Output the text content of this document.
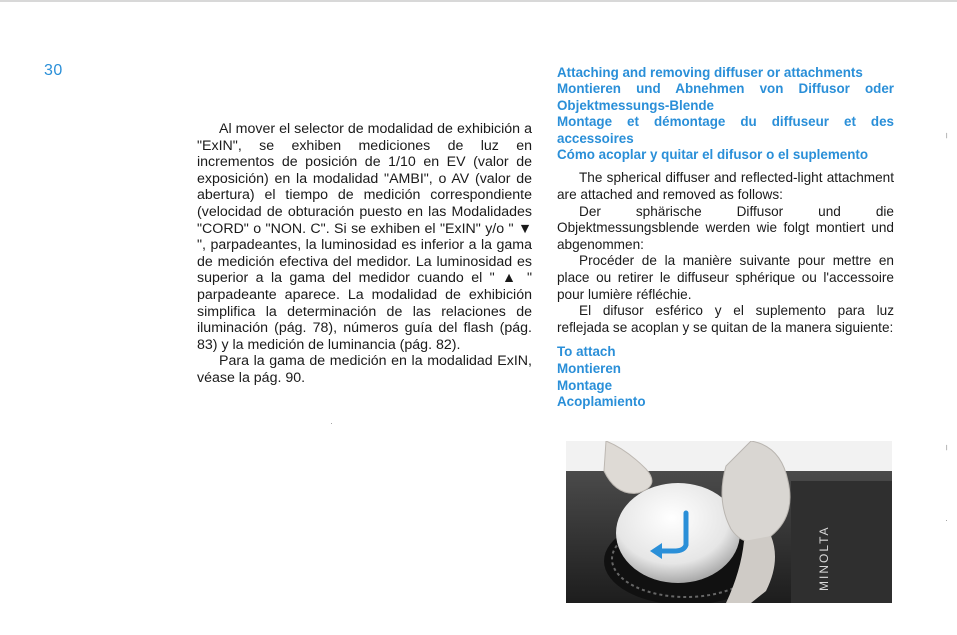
30

Al mover el selector de modalidad de exhibición a "ExIN", se exhiben mediciones de luz en incrementos de posición de 1/10 en EV (valor de exposición) en la modalidad "AMBI", o AV (valor de abertura) el tiempo de medición correspondiente (velocidad de obturación puesto en las Modalidades "CORD" o "NON. C". Si se exhiben el "ExIN" y/o " ▼ ", parpadeantes, la luminosidad es inferior a la gama de medición efectiva del medidor. La luminosidad es superior a la gama del medidor cuando el " ▲ " parpadeante aparece. La modalidad de exhibición simplifica la determinación de las relaciones de iluminación (pág. 78), números guía del flash (pág. 83) y la medición de luminancia (pág. 82).

Para la gama de medición en la modalidad ExIN, véase la pág. 90.

Attaching and removing diffuser or attachments
Montieren und Abnehmen von Diffusor oder Objektmessungs-Blende
Montage et démontage du diffuseur et des accessoires
Cómo acoplar y quitar el difusor o el suplemento

The spherical diffuser and reflected-light attachment are attached and removed as follows:

Der sphärische Diffusor und die Objektmessungsblende werden wie folgt montiert und abgenommen:

Procéder de la manière suivante pour mettre en place ou retirer le diffuseur sphérique ou l'accessoire pour lumière réfléchie.

El difusor esférico y el suplemento para luz reflejada se acoplan y se quitan de la manera siguiente:

To attach
Montieren
Montage
Acoplamiento
MINOLTA
╷
╷
·
·
